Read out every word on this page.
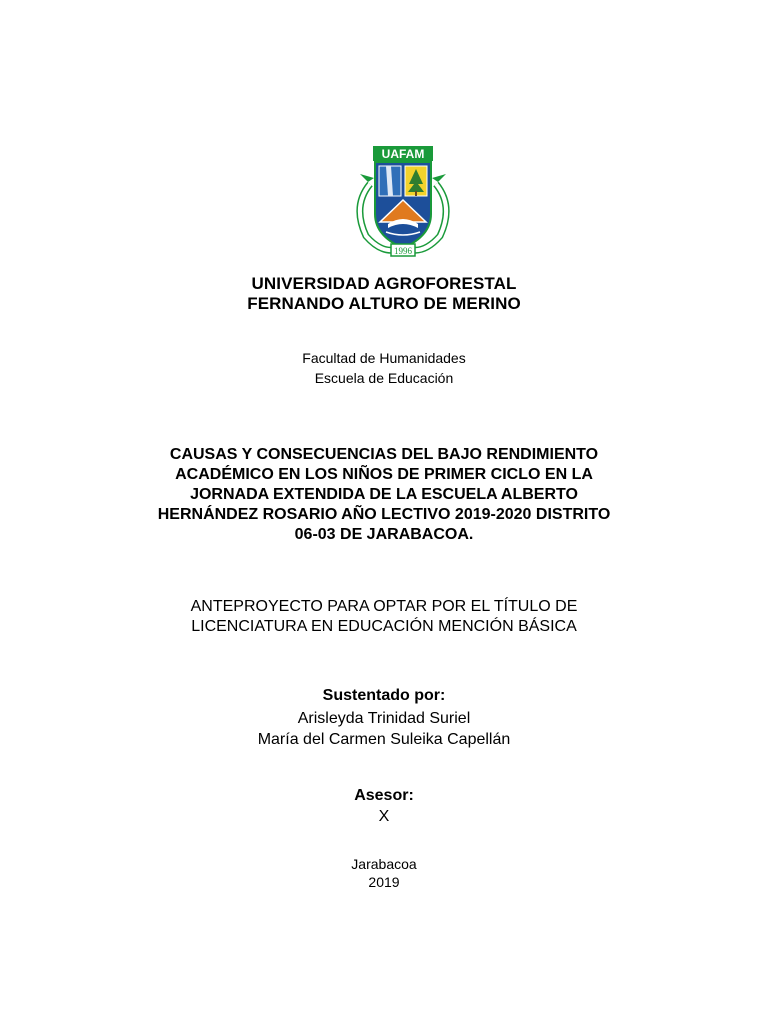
UAFAM
1996
UNIVERSIDAD AGROFORESTAL
FERNANDO ALTURO DE MERINO
Facultad de Humanidades
Escuela de Educación
CAUSAS Y CONSECUENCIAS DEL BAJO RENDIMIENTO
ACADÉMICO EN LOS NIÑOS DE PRIMER CICLO EN LA
JORNADA EXTENDIDA DE LA ESCUELA ALBERTO
HERNÁNDEZ ROSARIO AÑO LECTIVO 2019-2020 DISTRITO
06-03 DE JARABACOA.
ANTEPROYECTO PARA OPTAR POR EL TÍTULO DE
LICENCIATURA EN EDUCACIÓN MENCIÓN BÁSICA
Sustentado por:
Arisleyda Trinidad Suriel
María del Carmen Suleika Capellán
Asesor:
X
Jarabacoa
2019
